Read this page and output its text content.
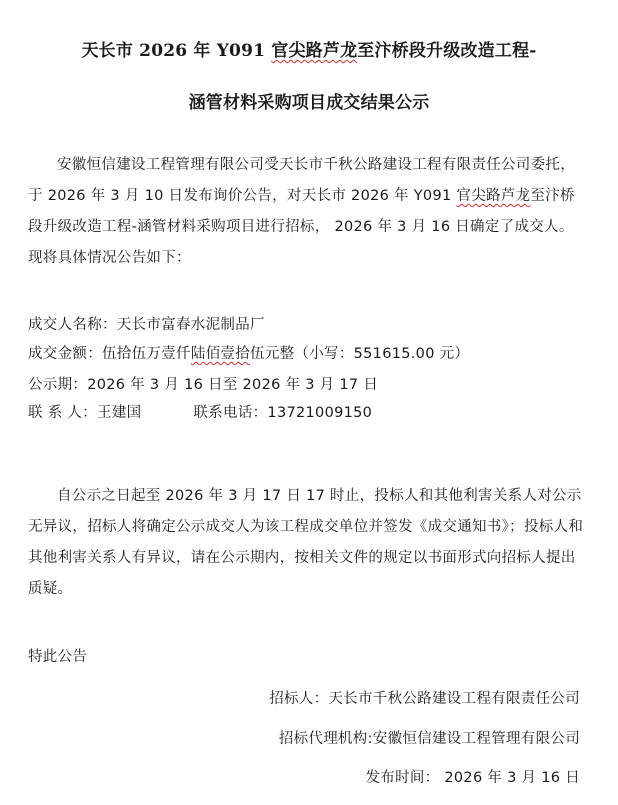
天长市 2026 年 Y091 官尖路芦龙至汴桥段升级改造工程-
涵管材料采购项目成交结果公示
安徽恒信建设工程管理有限公司受天长市千秋公路建设工程有限责任公司委托，于 2026 年 3 月 10 日发布询价公告，对天长市 2026 年 Y091 官尖路芦龙至汴桥段升级改造工程-涵管材料采购项目进行招标， 2026 年 3 月 16 日确定了成交人。现将具体情况公告如下：
成交人名称：天长市富春水泥制品厂
成交金额：伍拾伍万壹仟陆佰壹拾伍元整（小写：551615.00 元）
公示期：2026 年 3 月 16 日至 2026 年 3 月 17 日
联 系 人：王建国	联系电话：13721009150
自公示之日起至 2026 年 3 月 17 日 17 时止，投标人和其他利害关系人对公示无异议，招标人将确定公示成交人为该工程成交单位并签发《成交通知书》；投标人和其他利害关系人有异议，请在公示期内，按相关文件的规定以书面形式向招标人提出质疑。
特此公告
招标人：天长市千秋公路建设工程有限责任公司
招标代理机构:安徽恒信建设工程管理有限公司
发布时间： 2026 年 3 月 16 日
